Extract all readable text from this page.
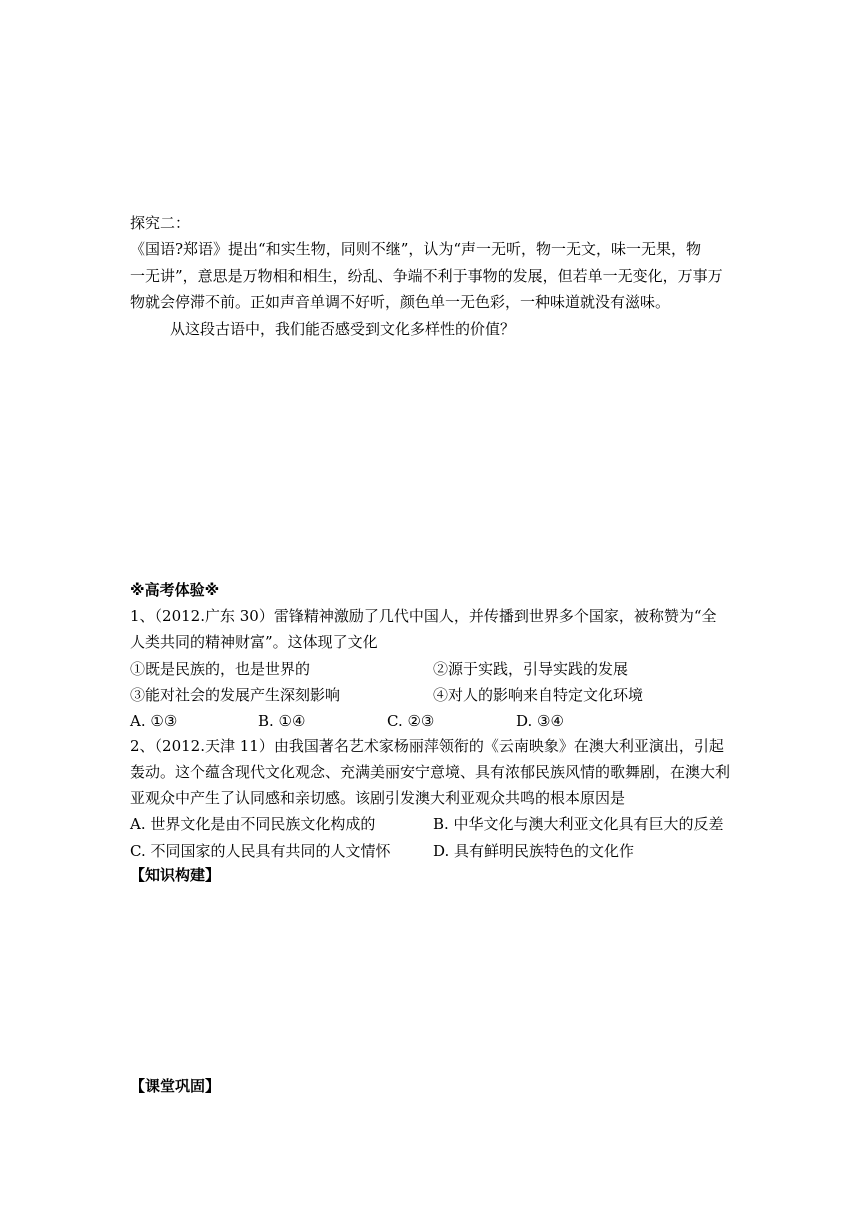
探究二：
《国语?郑语》提出“和实生物，同则不继”，认为“声一无听，物一无文，味一无果，物
一无讲”，意思是万物相和相生，纷乱、争端不利于事物的发展，但若单一无变化，万事万
物就会停滞不前。正如声音单调不好听，颜色单一无色彩，一种味道就没有滋味。
从这段古语中，我们能否感受到文化多样性的价值？
※高考体验※
1、（2012.广东 30）雷锋精神激励了几代中国人，并传播到世界多个国家，被称赞为“全
人类共同的精神财富”。这体现了文化
①既是民族的，也是世界的	②源于实践，引导实践的发展
③能对社会的发展产生深刻影响	④对人的影响来自特定文化环境
A. ①③	B. ①④	C. ②③	D. ③④
2、（2012.天津 11）由我国著名艺术家杨丽萍领衔的《云南映象》在澳大利亚演出，引起
轰动。这个蕴含现代文化观念、充满美丽安宁意境、具有浓郁民族风情的歌舞剧，在澳大利
亚观众中产生了认同感和亲切感。该剧引发澳大利亚观众共鸣的根本原因是
A. 世界文化是由不同民族文化构成的	B. 中华文化与澳大利亚文化具有巨大的反差
C. 不同国家的人民具有共同的人文情怀	D. 具有鲜明民族特色的文化作
【知识构建】
【课堂巩固】
